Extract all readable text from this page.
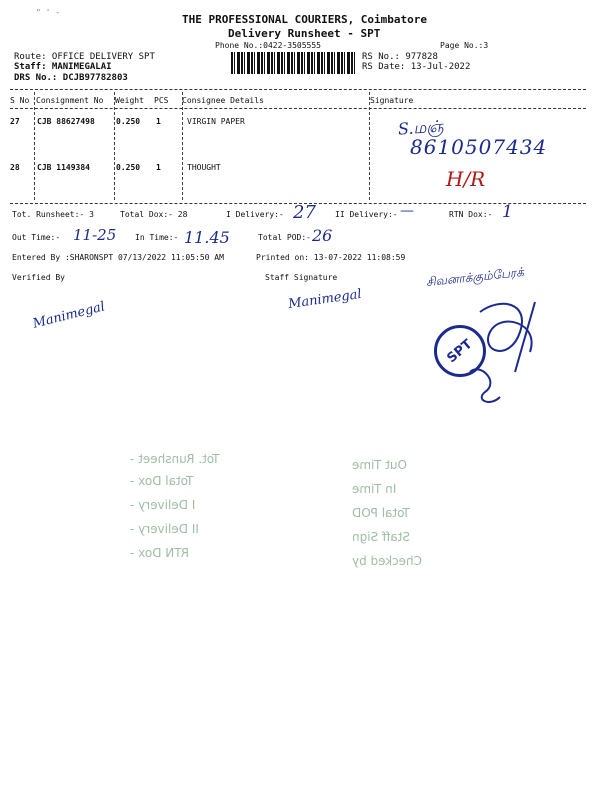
" ' -
THE PROFESSIONAL COURIERS, Coimbatore
Delivery Runsheet - SPT
Phone No.:0422-3505555	Page No.:3
Route: OFFICE DELIVERY SPT
Staff: MANIMEGALAI
DRS No.: DCJB97782803
RS No.: 977828
RS Date: 13-Jul-2022
S No Consignment No Weight PCS Consignee Details	Signature
27 CJB 88627498	0.250 1	VIRGIN PAPER	S.மஞ்
8610507434
28 CJB 1149384	0.250 1	THOUGHT	H/R
Tot. Runsheet:- 3	Total Dox:- 28	I Delivery:- 27 II Delivery:- —	RTN Dox:- 1
Out Time:- 11-25 In Time:- 11.45	Total POD:- 26
Entered By :SHARONSPT 07/13/2022 11:05:50 AM	Printed on: 13-07-2022 11:08:59
Verified By	Staff Signature
Manimegal	Manimegal
சிவனாக்கும்பேரக்
SPT
Tot. Runsheet -
Total Dox -
I Delivery -
II Delivery -
RTN Dox -
Out Time
In Time
Total POD
Staff Sign
Checked by
